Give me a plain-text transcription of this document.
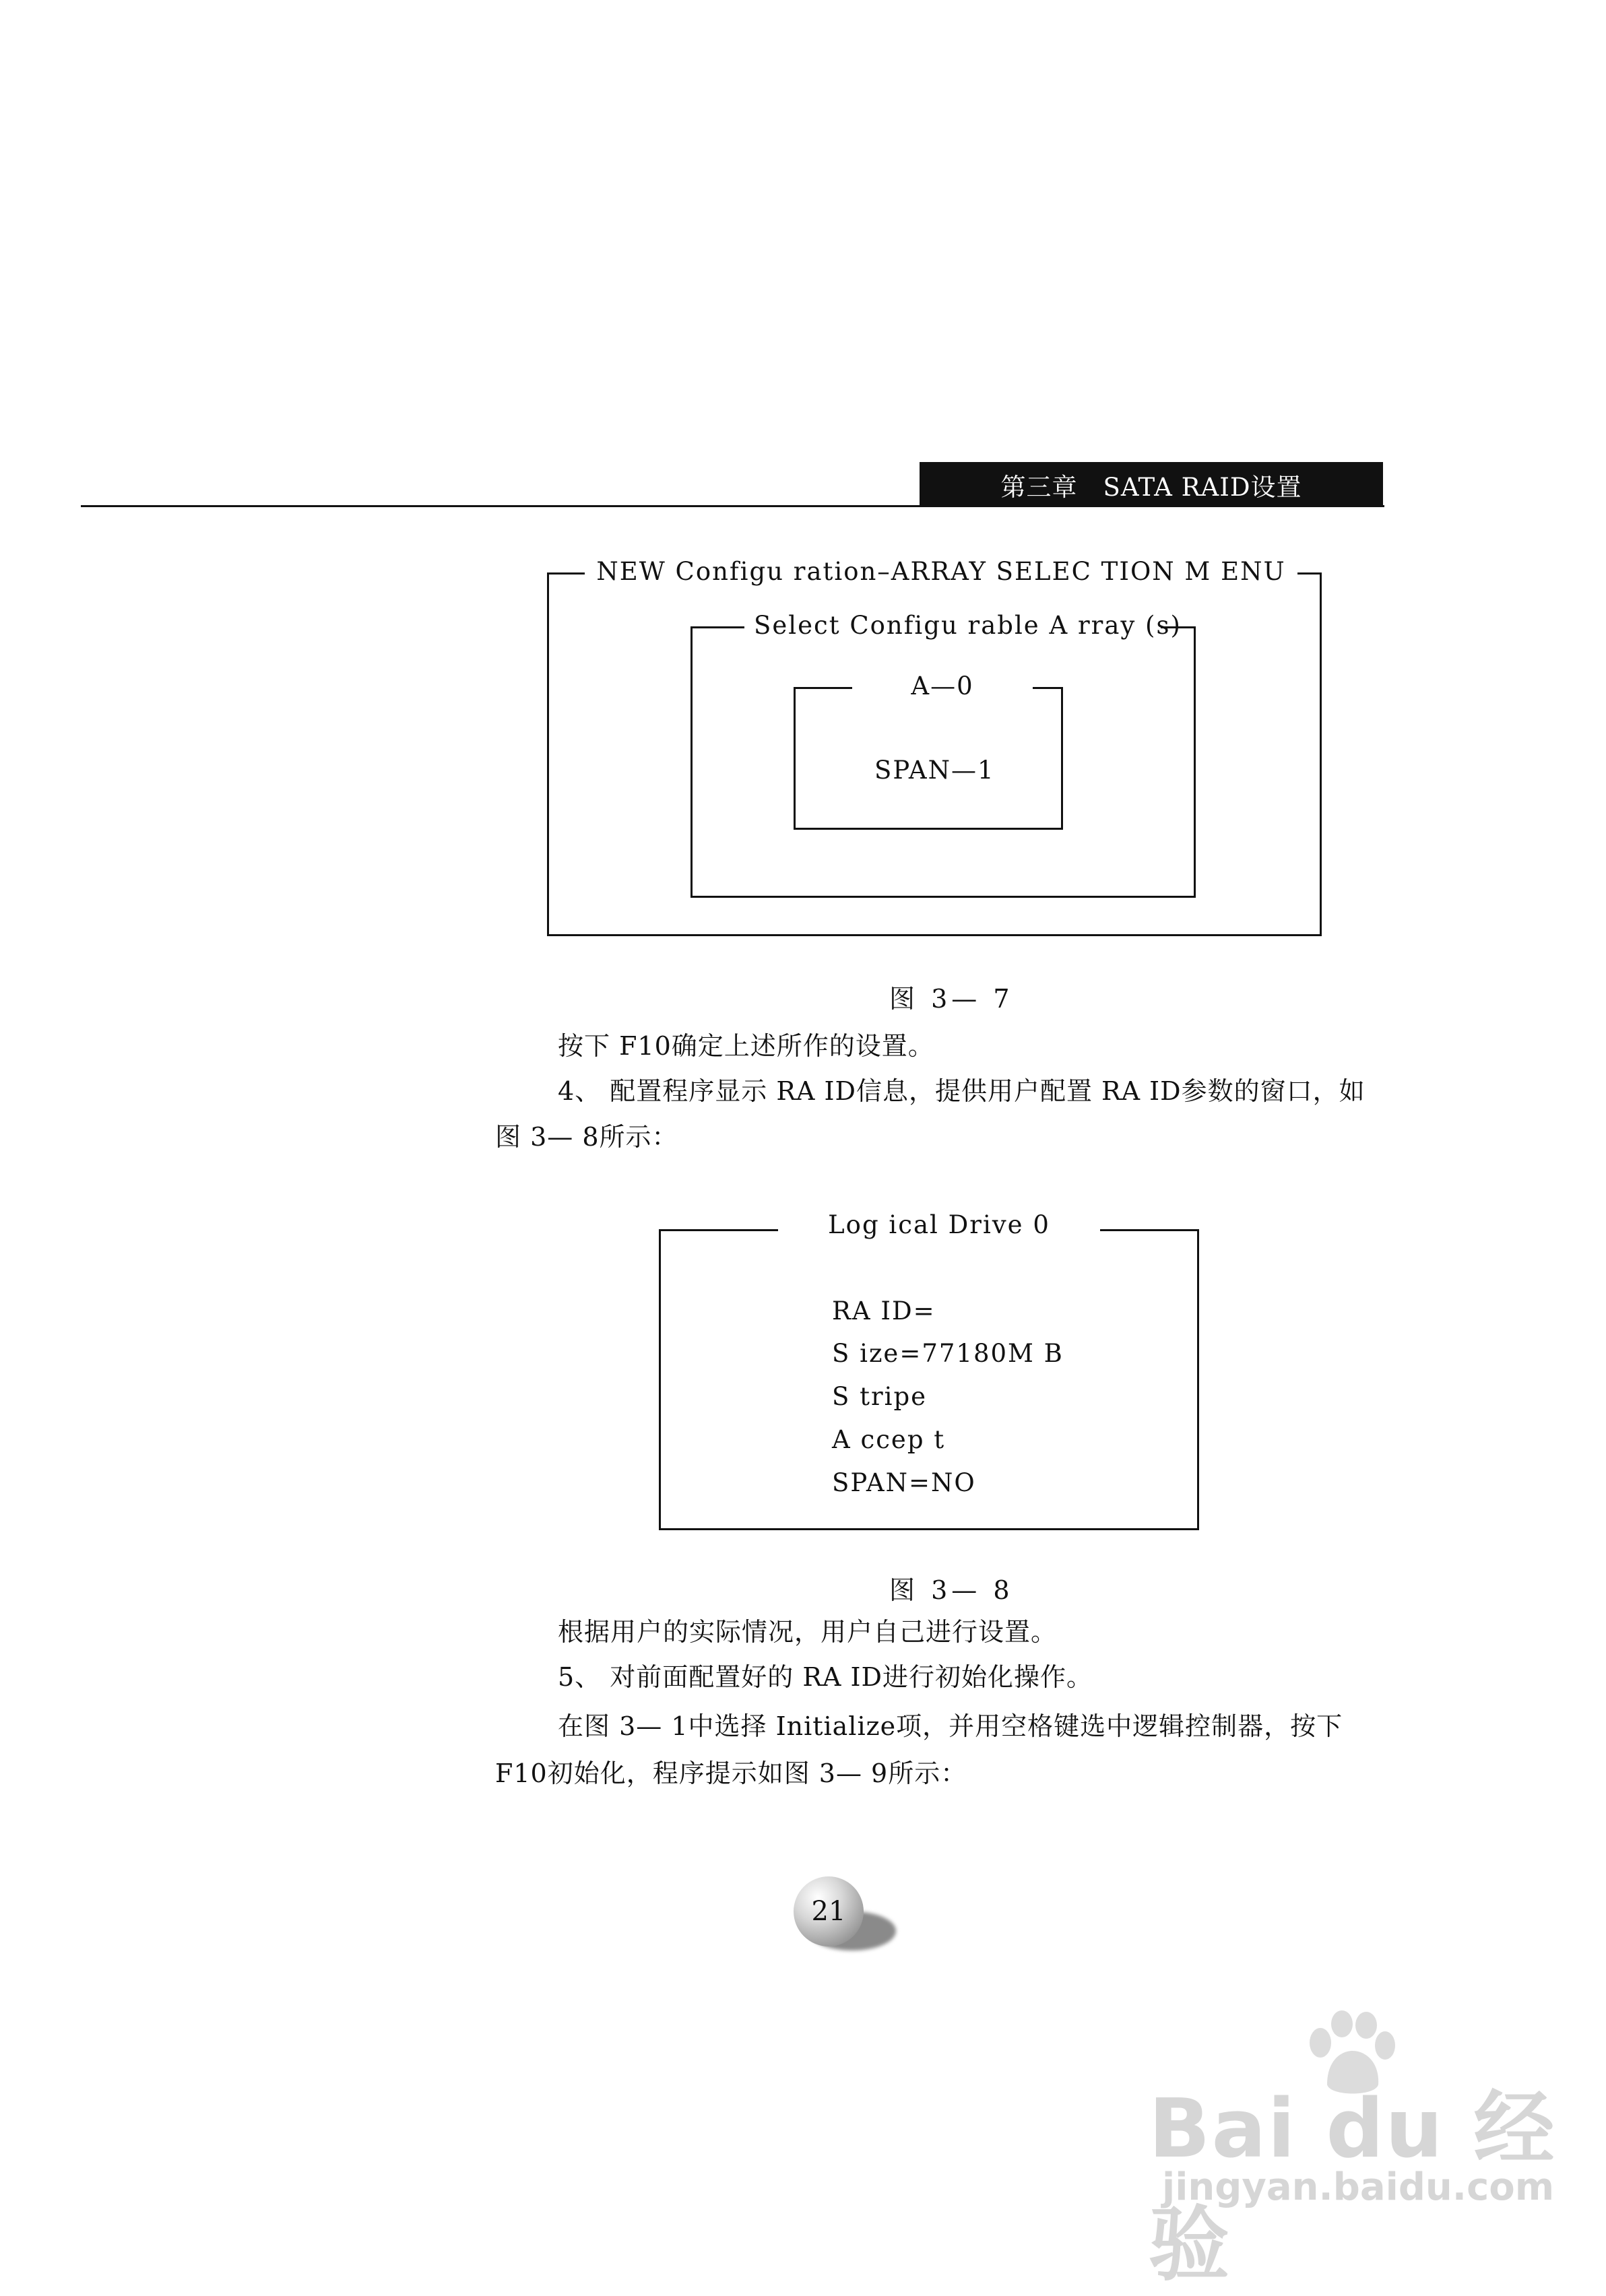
第三章　SATA RAID设置
NEW Configu ration–ARRAY SELEC TION M ENU
Select Configu rable A rray (s)
A—0
SPAN—1
图 3— 7
按下 F10确定上述所作的设置。
4、 配置程序显示 RA ID信息，提供用户配置 RA ID参数的窗口，如
图 3— 8所示：
Log ical Drive 0
RA ID=
S ize=77180M B
S tripe
A ccep t
SPAN=NO
图 3— 8
根据用户的实际情况，用户自己进行设置。
5、 对前面配置好的 RA ID进行初始化操作。
在图 3— 1中选择 Initialize项，并用空格键选中逻辑控制器，按下
F10初始化，程序提示如图 3— 9所示：
21
Bai du 经验
jingyan.baidu.com
